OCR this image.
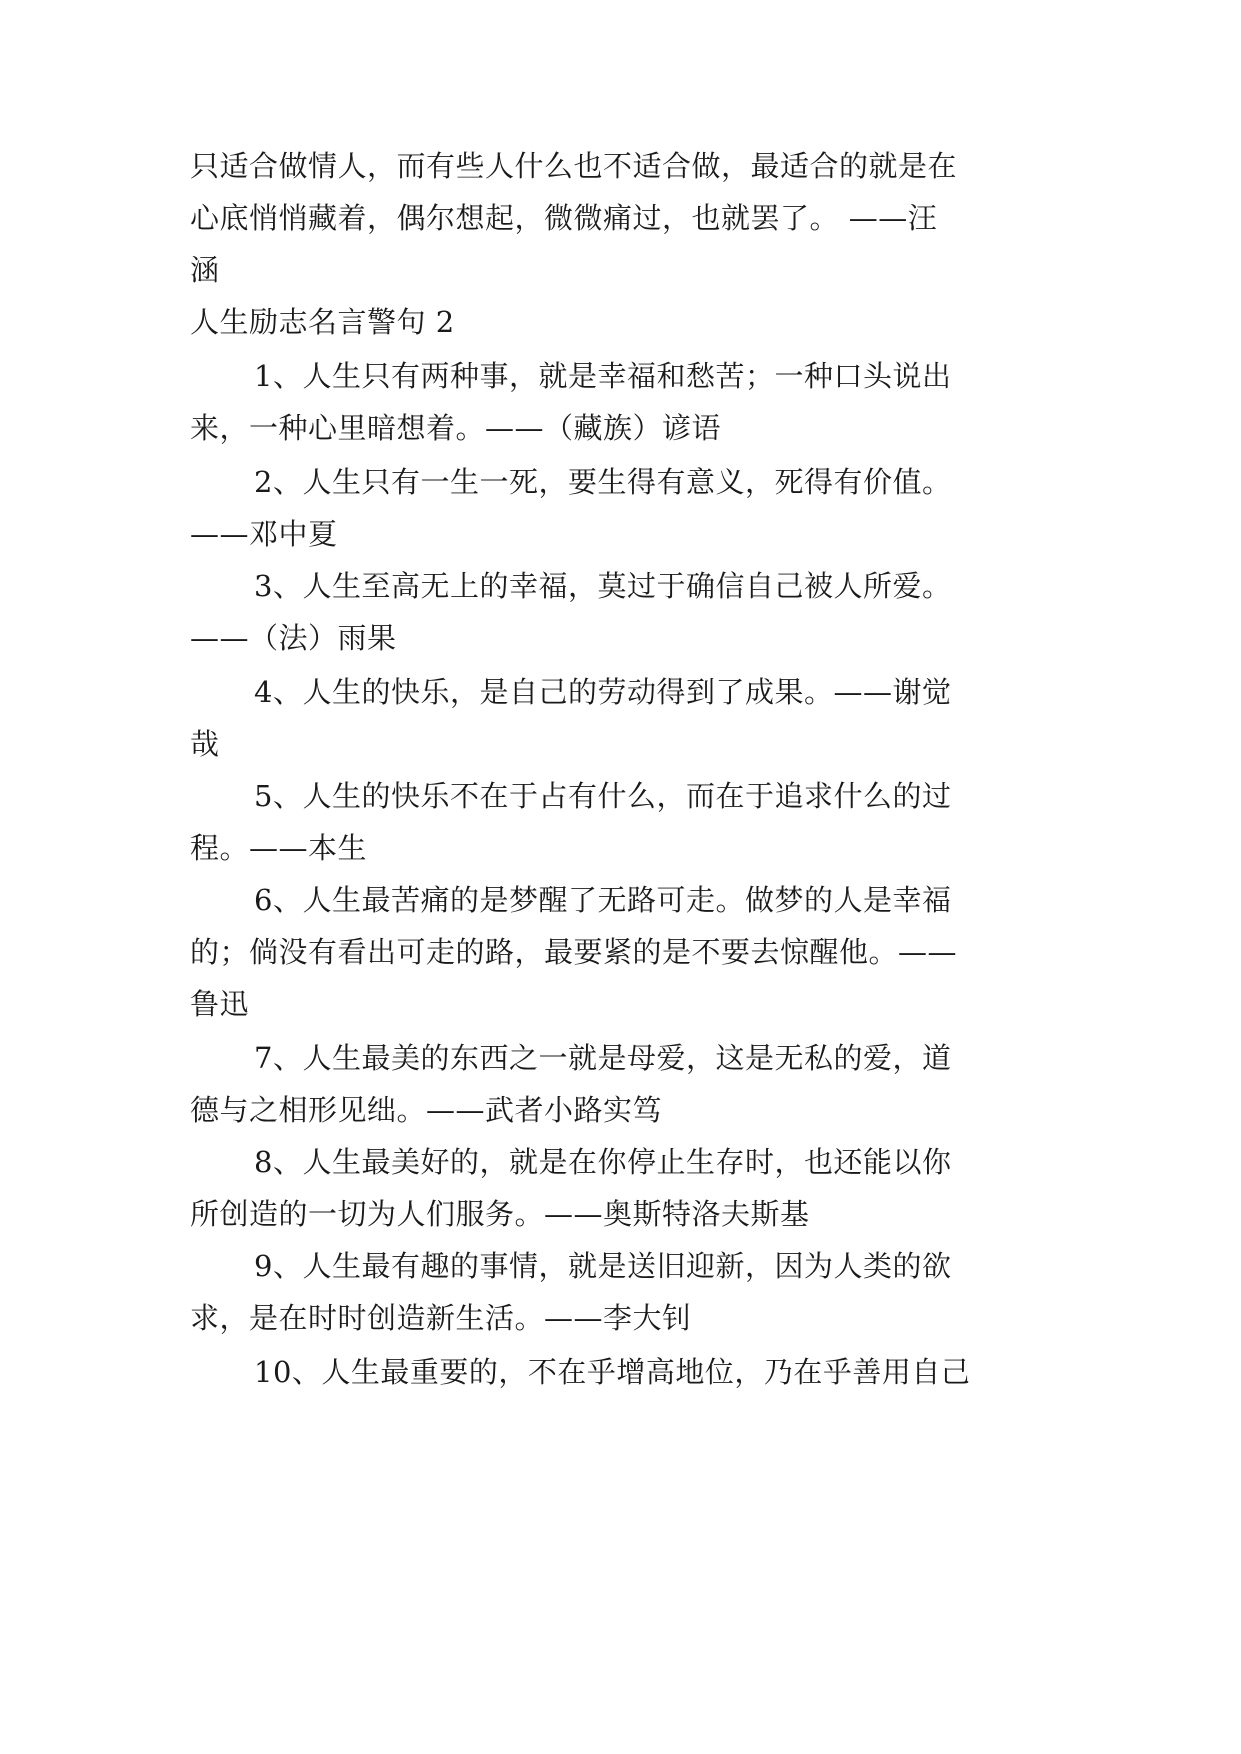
只适合做情人，而有些人什么也不适合做，最适合的就是在

心底悄悄藏着，偶尔想起，微微痛过，也就罢了。 ——汪

涵

人生励志名言警句 2

1、人生只有两种事，就是幸福和愁苦；一种口头说出

来，一种心里暗想着。——（藏族）谚语

2、人生只有一生一死，要生得有意义，死得有价值。

——邓中夏

3、人生至高无上的幸福，莫过于确信自己被人所爱。

——（法）雨果

4、人生的快乐，是自己的劳动得到了成果。——谢觉

哉

5、人生的快乐不在于占有什么，而在于追求什么的过

程。——本生

6、人生最苦痛的是梦醒了无路可走。做梦的人是幸福

的；倘没有看出可走的路，最要紧的是不要去惊醒他。——

鲁迅

7、人生最美的东西之一就是母爱，这是无私的爱，道

德与之相形见绌。——武者小路实笃

8、人生最美好的，就是在你停止生存时，也还能以你

所创造的一切为人们服务。——奥斯特洛夫斯基

9、人生最有趣的事情，就是送旧迎新，因为人类的欲

求，是在时时创造新生活。——李大钊

10、人生最重要的，不在乎增高地位，乃在乎善用自己
